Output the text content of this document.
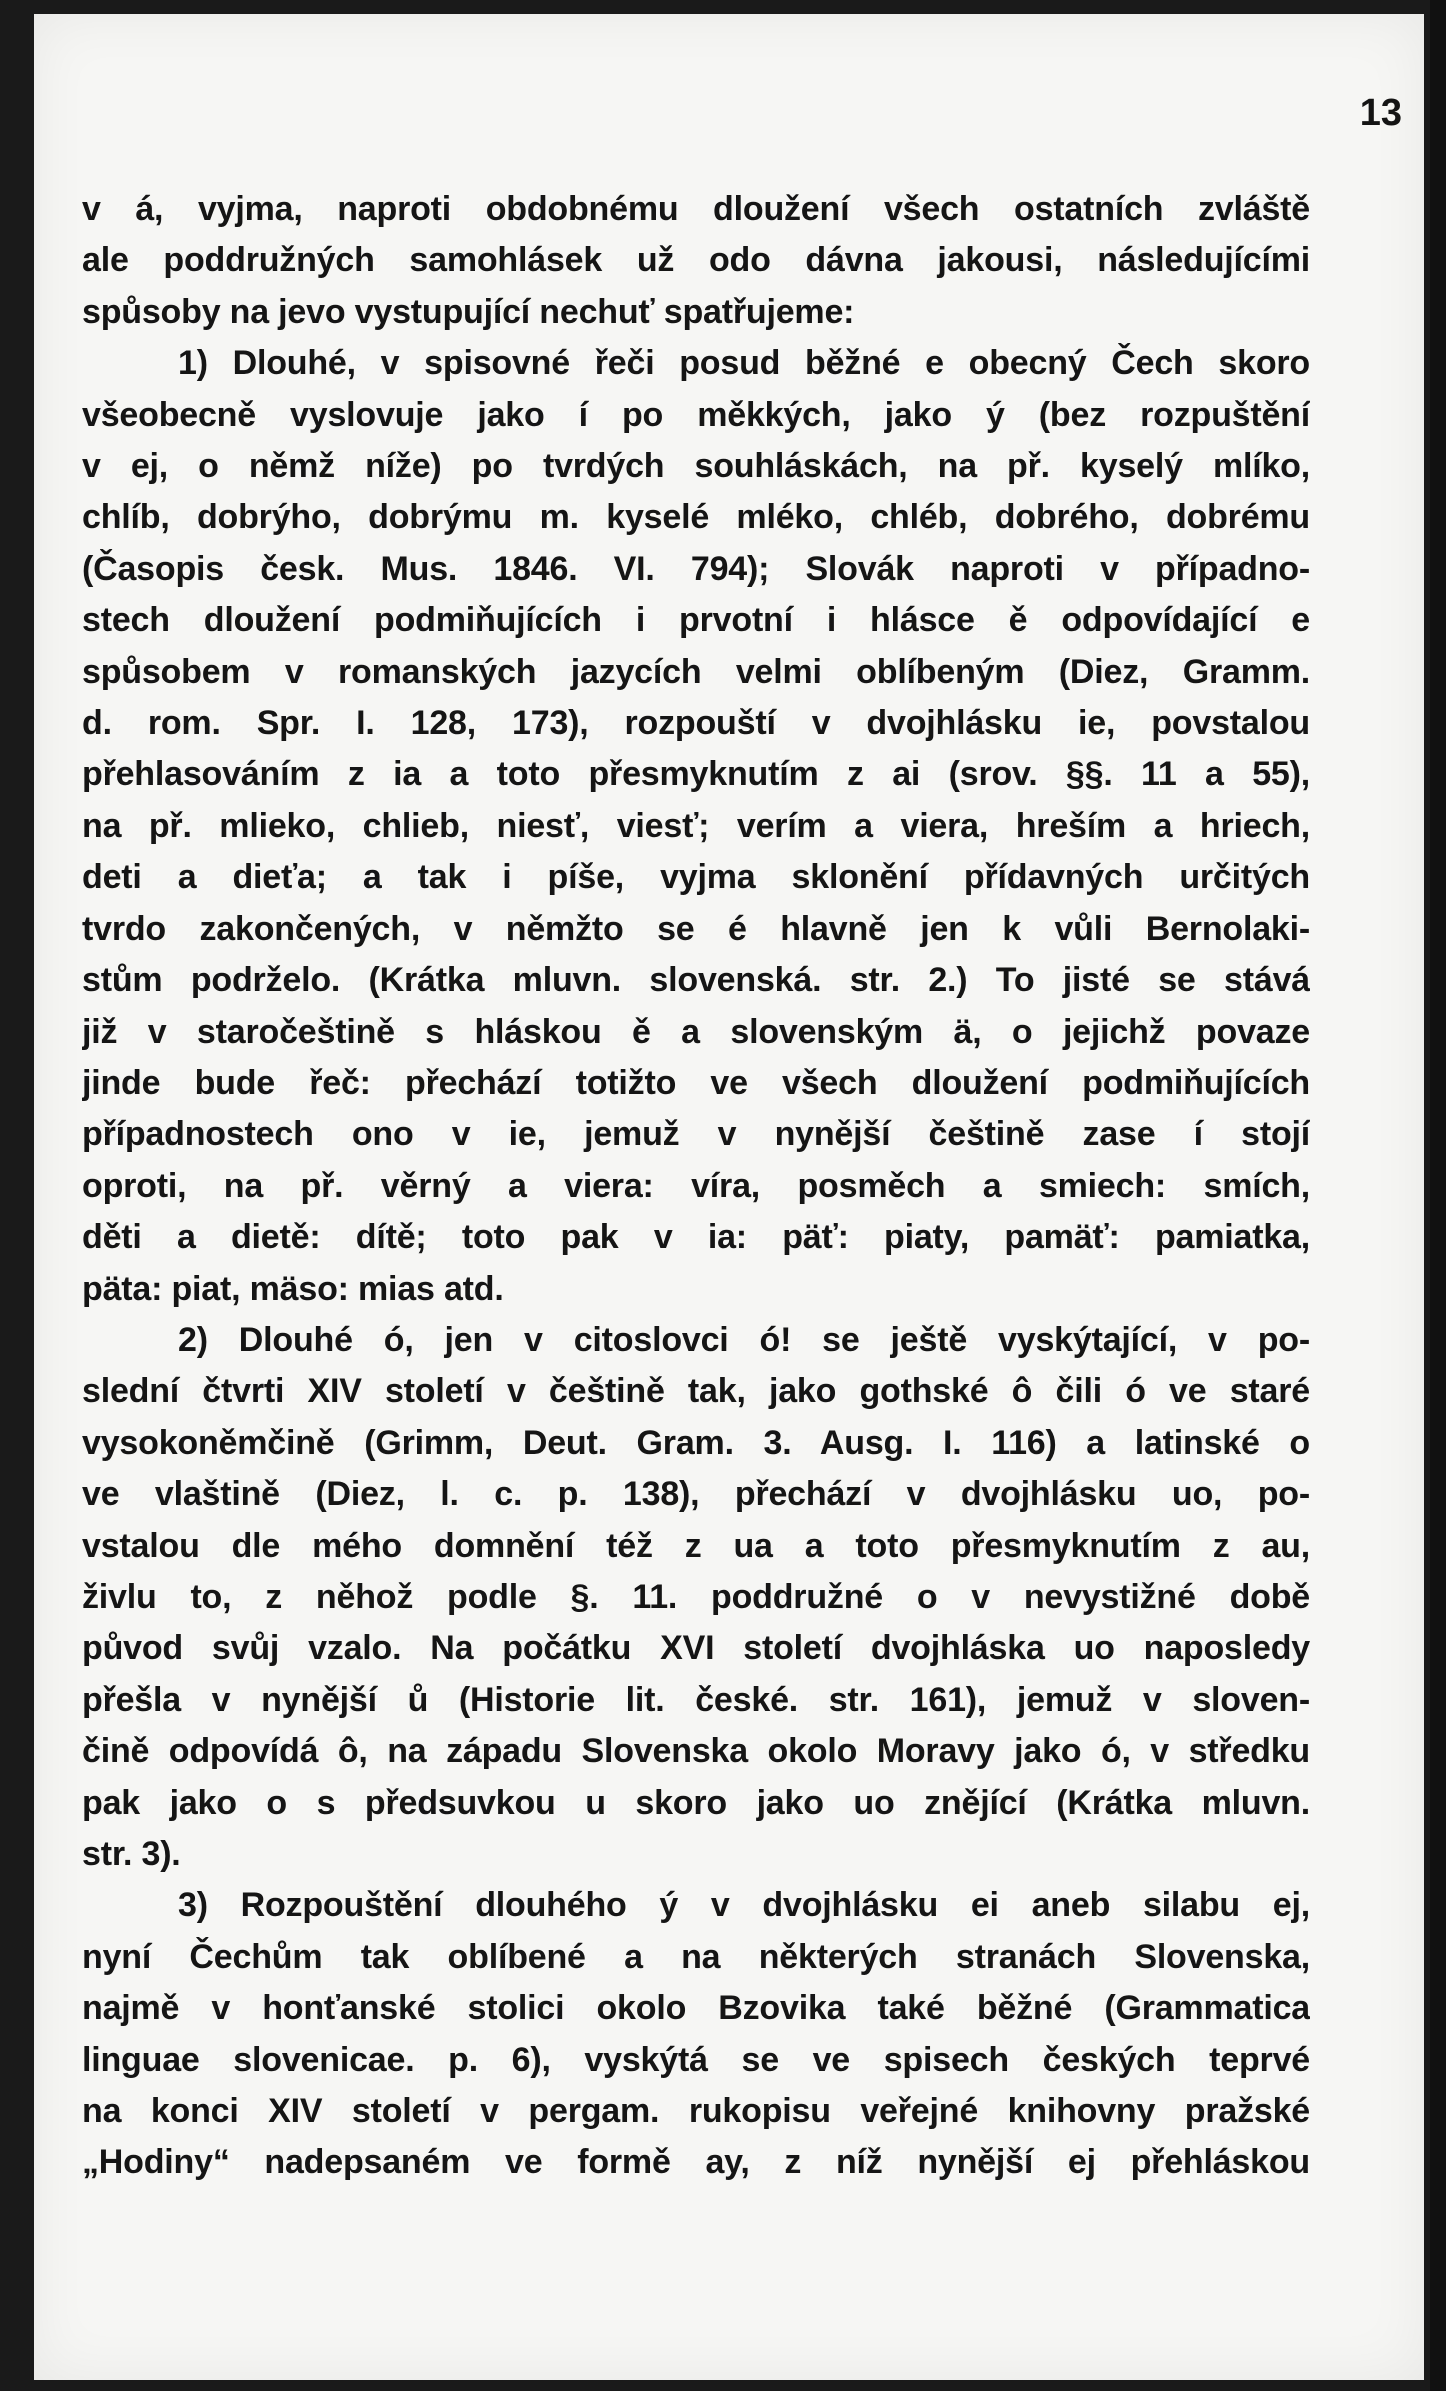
13
v á, vyjma, naproti obdobnému dloužení všech ostatních zvláště
ale poddružných samohlásek už odo dávna jakousi, následujícími
spůsoby na jevo vystupující nechuť spatřujeme:
1) Dlouhé, v spisovné řeči posud běžné e obecný Čech skoro
všeobecně vyslovuje jako í po měkkých, jako ý (bez rozpuštění
v ej, o němž níže) po tvrdých souhláskách, na př. kyselý mlíko,
chlíb, dobrýho, dobrýmu m. kyselé mléko, chléb, dobrého, dobrému
(Časopis česk. Mus. 1846. VI. 794); Slovák naproti v případno-
stech dloužení podmiňujících i prvotní i hlásce ě odpovídající e
spůsobem v romanských jazycích velmi oblíbeným (Diez, Gramm.
d. rom. Spr. I. 128, 173), rozpouští v dvojhlásku ie, povstalou
přehlasováním z ia a toto přesmyknutím z ai (srov. §§. 11 a 55),
na př. mlieko, chlieb, niesť, viesť; verím a viera, hreším a hriech,
deti a dieťa; a tak i píše, vyjma sklonění přídavných určitých
tvrdo zakončených, v němžto se é hlavně jen k vůli Bernolaki-
stům podrželo. (Krátka mluvn. slovenská. str. 2.) To jisté se stává
již v staročeštině s hláskou ě a slovenským ä, o jejichž povaze
jinde bude řeč: přechází totižto ve všech dloužení podmiňujících
případnostech ono v ie, jemuž v nynější češtině zase í stojí
oproti, na př. věrný a viera: víra, posměch a smiech: smích,
děti a dietě: dítě; toto pak v ia: päť: piaty, pamäť: pamiatka,
päta: piat, mäso: mias atd.
2) Dlouhé ó, jen v citoslovci ó! se ještě vyskýtající, v po-
slední čtvrti XIV století v češtině tak, jako gothské ô čili ó ve staré
vysokoněmčině (Grimm, Deut. Gram. 3. Ausg. I. 116) a latinské o
ve vlaštině (Diez, l. c. p. 138), přechází v dvojhlásku uo, po-
vstalou dle mého domnění též z ua a toto přesmyknutím z au,
živlu to, z něhož podle §. 11. poddružné o v nevystižné době
původ svůj vzalo. Na počátku XVI století dvojhláska uo naposledy
přešla v nynější ů (Historie lit. české. str. 161), jemuž v sloven-
čině odpovídá ô, na západu Slovenska okolo Moravy jako ó, v středku
pak jako o s předsuvkou u skoro jako uo znějící (Krátka mluvn.
str. 3).
3) Rozpouštění dlouhého ý v dvojhlásku ei aneb silabu ej,
nyní Čechům tak oblíbené a na některých stranách Slovenska,
najmě v honťanské stolici okolo Bzovika také běžné (Grammatica
linguae slovenicae. p. 6), vyskýtá se ve spisech českých teprvé
na konci XIV století v pergam. rukopisu veřejné knihovny pražské
„Hodiny“ nadepsaném ve formě ay, z níž nynější ej přehláskou
